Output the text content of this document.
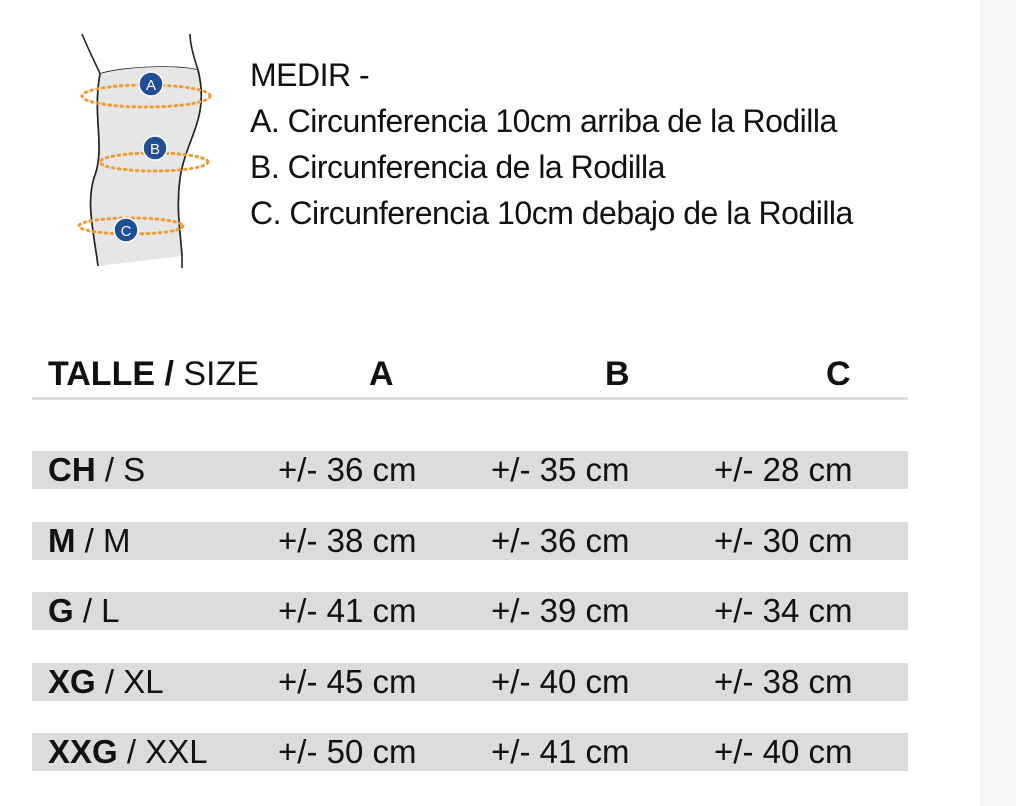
A
B
C
MEDIR -
A. Circunferencia 10cm arriba de la Rodilla
B. Circunferencia de la Rodilla
C. Circunferencia 10cm debajo de la Rodilla
TALLE / SIZE	A	B	C
CH / S	+/- 36 cm +/- 35 cm	+/- 28 cm
M / M	+/- 38 cm +/- 36 cm	+/- 30 cm
G / L	+/- 41 cm +/- 39 cm	+/- 34 cm
XG / XL	+/- 45 cm +/- 40 cm	+/- 38 cm
XXG / XXL +/- 50 cm +/- 41 cm	+/- 40 cm
